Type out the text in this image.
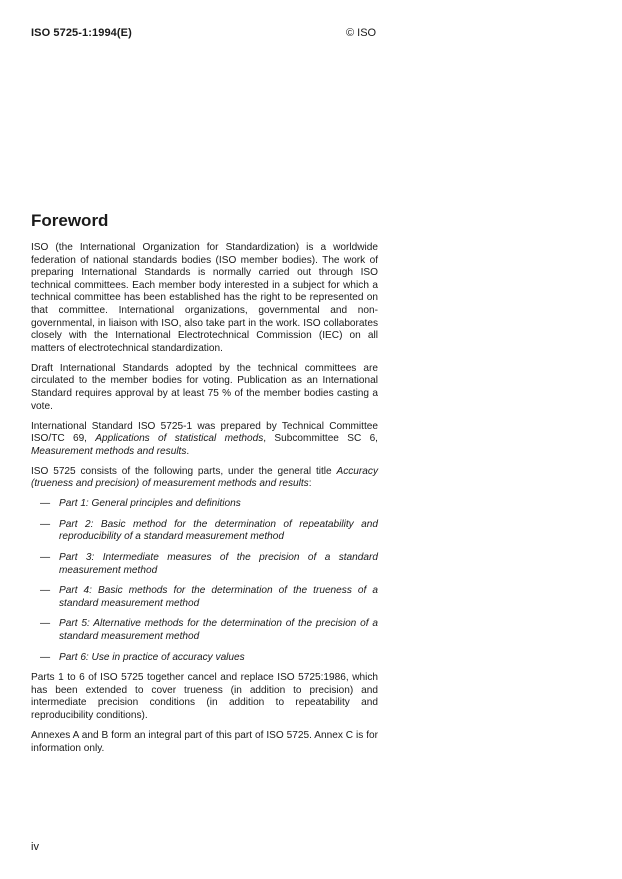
ISO 5725-1:1994(E)	© ISO
Foreword

ISO (the International Organization for Standardization) is a worldwide federation of national standards bodies (ISO member bodies). The work of preparing International Standards is normally carried out through ISO technical committees. Each member body interested in a subject for which a technical committee has been established has the right to be represented on that committee. International organizations, governmental and non-governmental, in liaison with ISO, also take part in the work. ISO collaborates closely with the International Electrotechnical Commission (IEC) on all matters of electrotechnical standardization.

Draft International Standards adopted by the technical committees are circulated to the member bodies for voting. Publication as an International Standard requires approval by at least 75 % of the member bodies casting a vote.

International Standard ISO 5725-1 was prepared by Technical Committee ISO/TC 69, Applications of statistical methods, Subcommittee SC 6, Measurement methods and results.

ISO 5725 consists of the following parts, under the general title Accuracy (trueness and precision) of measurement methods and results:

— Part 1: General principles and definitions
— Part 2: Basic method for the determination of repeatability and reproducibility of a standard measurement method
— Part 3: Intermediate measures of the precision of a standard measurement method
— Part 4: Basic methods for the determination of the trueness of a standard measurement method
— Part 5: Alternative methods for the determination of the precision of a standard measurement method
— Part 6: Use in practice of accuracy values

Parts 1 to 6 of ISO 5725 together cancel and replace ISO 5725:1986, which has been extended to cover trueness (in addition to precision) and intermediate precision conditions (in addition to repeatability and reproducibility conditions).

Annexes A and B form an integral part of this part of ISO 5725. Annex C is for information only.

iv
